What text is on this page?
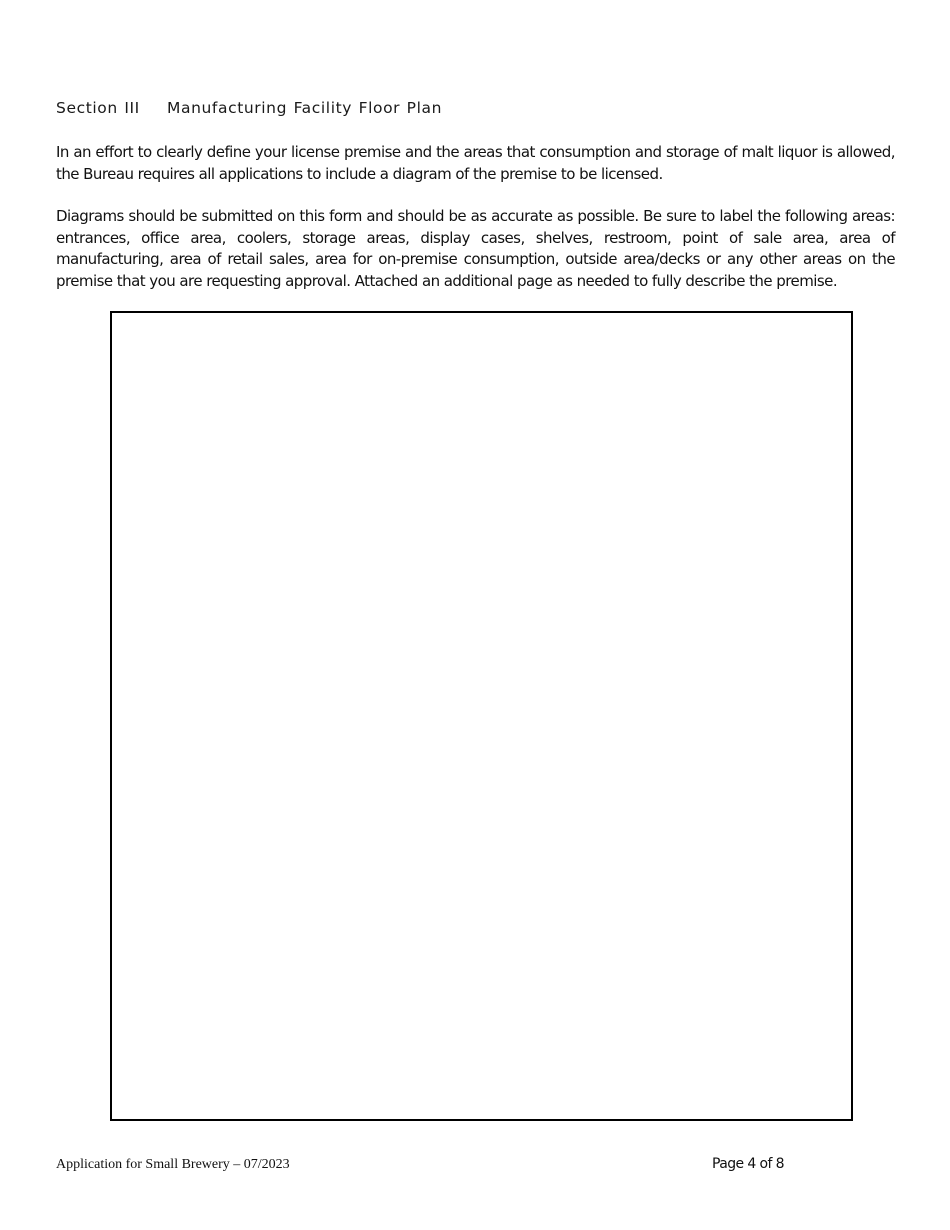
Section III Manufacturing Facility Floor Plan

In an effort to clearly define your license premise and the areas that consumption and storage of malt liquor is allowed, the Bureau requires all applications to include a diagram of the premise to be licensed.

Diagrams should be submitted on this form and should be as accurate as possible. Be sure to label the following areas: entrances, office area, coolers, storage areas, display cases, shelves, restroom, point of sale area, area of manufacturing, area of retail sales, area for on-premise consumption, outside area/decks or any other areas on the premise that you are requesting approval. Attached an additional page as needed to fully describe the premise.

Application for Small Brewery – 07/2023	Page 4 of 8
